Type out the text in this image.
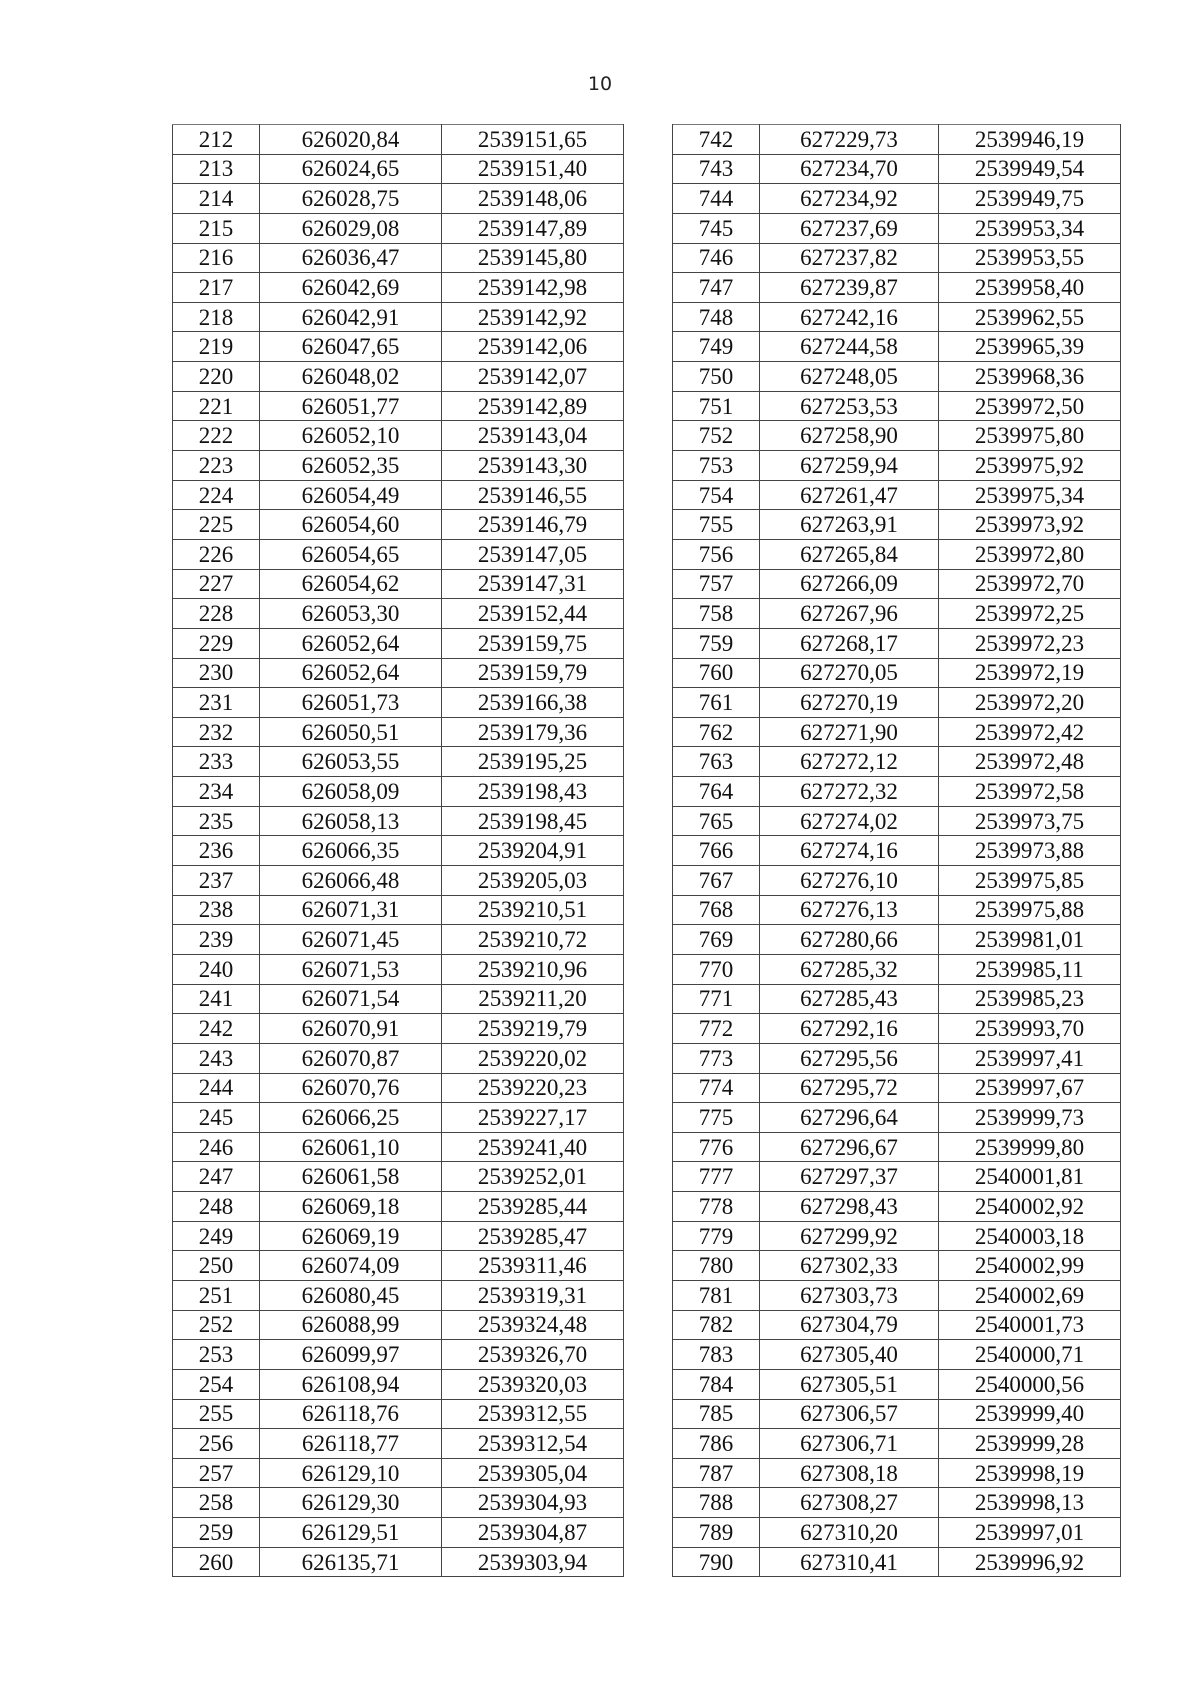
10
212	626020,84	2539151,65		742	627229,73	2539946,19
213	626024,65	2539151,40		743	627234,70	2539949,54
214	626028,75	2539148,06		744	627234,92	2539949,75
215	626029,08	2539147,89		745	627237,69	2539953,34
216	626036,47	2539145,80		746	627237,82	2539953,55
217	626042,69	2539142,98		747	627239,87	2539958,40
218	626042,91	2539142,92		748	627242,16	2539962,55
219	626047,65	2539142,06		749	627244,58	2539965,39
220	626048,02	2539142,07		750	627248,05	2539968,36
221	626051,77	2539142,89		751	627253,53	2539972,50
222	626052,10	2539143,04		752	627258,90	2539975,80
223	626052,35	2539143,30		753	627259,94	2539975,92
224	626054,49	2539146,55		754	627261,47	2539975,34
225	626054,60	2539146,79		755	627263,91	2539973,92
226	626054,65	2539147,05		756	627265,84	2539972,80
227	626054,62	2539147,31		757	627266,09	2539972,70
228	626053,30	2539152,44		758	627267,96	2539972,25
229	626052,64	2539159,75		759	627268,17	2539972,23
230	626052,64	2539159,79		760	627270,05	2539972,19
231	626051,73	2539166,38		761	627270,19	2539972,20
232	626050,51	2539179,36		762	627271,90	2539972,42
233	626053,55	2539195,25		763	627272,12	2539972,48
234	626058,09	2539198,43		764	627272,32	2539972,58
235	626058,13	2539198,45		765	627274,02	2539973,75
236	626066,35	2539204,91		766	627274,16	2539973,88
237	626066,48	2539205,03		767	627276,10	2539975,85
238	626071,31	2539210,51		768	627276,13	2539975,88
239	626071,45	2539210,72		769	627280,66	2539981,01
240	626071,53	2539210,96		770	627285,32	2539985,11
241	626071,54	2539211,20		771	627285,43	2539985,23
242	626070,91	2539219,79		772	627292,16	2539993,70
243	626070,87	2539220,02		773	627295,56	2539997,41
244	626070,76	2539220,23		774	627295,72	2539997,67
245	626066,25	2539227,17		775	627296,64	2539999,73
246	626061,10	2539241,40		776	627296,67	2539999,80
247	626061,58	2539252,01		777	627297,37	2540001,81
248	626069,18	2539285,44		778	627298,43	2540002,92
249	626069,19	2539285,47		779	627299,92	2540003,18
250	626074,09	2539311,46		780	627302,33	2540002,99
251	626080,45	2539319,31		781	627303,73	2540002,69
252	626088,99	2539324,48		782	627304,79	2540001,73
253	626099,97	2539326,70		783	627305,40	2540000,71
254	626108,94	2539320,03		784	627305,51	2540000,56
255	626118,76	2539312,55		785	627306,57	2539999,40
256	626118,77	2539312,54		786	627306,71	2539999,28
257	626129,10	2539305,04		787	627308,18	2539998,19
258	626129,30	2539304,93		788	627308,27	2539998,13
259	626129,51	2539304,87		789	627310,20	2539997,01
260	626135,71	2539303,94		790	627310,41	2539996,92
